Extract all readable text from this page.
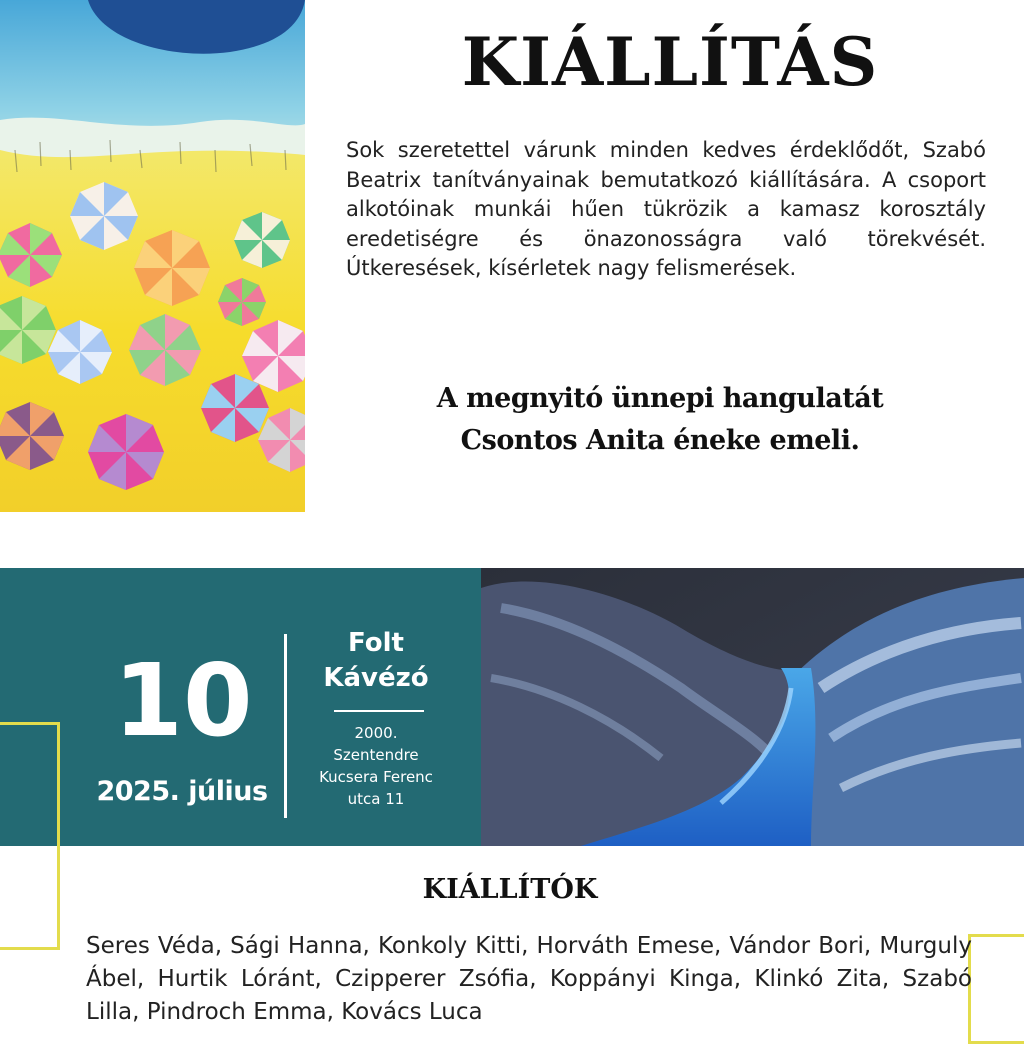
KIÁLLÍTÁS
Sok szeretettel várunk minden kedves érdeklődőt, Szabó Beatrix tanítványainak bemutatkozó kiállítására. A csoport alkotóinak munkái hűen tükrözik a kamasz korosztály eredetiségre és önazonosságra való törekvését. Útkeresések, kísérletek nagy felismerések.
A megnyitó ünnepi hangulatát
Csontos Anita éneke emeli.
10
2025. július
Folt
Kávézó
2000.
Szentendre
Kucsera Ferenc
utca 11
KIÁLLÍTÓK
Seres Véda, Sági Hanna, Konkoly Kitti, Horváth Emese, Vándor Bori, Murguly Ábel, Hurtik Lóránt, Czipperer Zsófia, Koppányi Kinga, Klinkó Zita, Szabó Lilla, Pindroch Emma, Kovács Luca
